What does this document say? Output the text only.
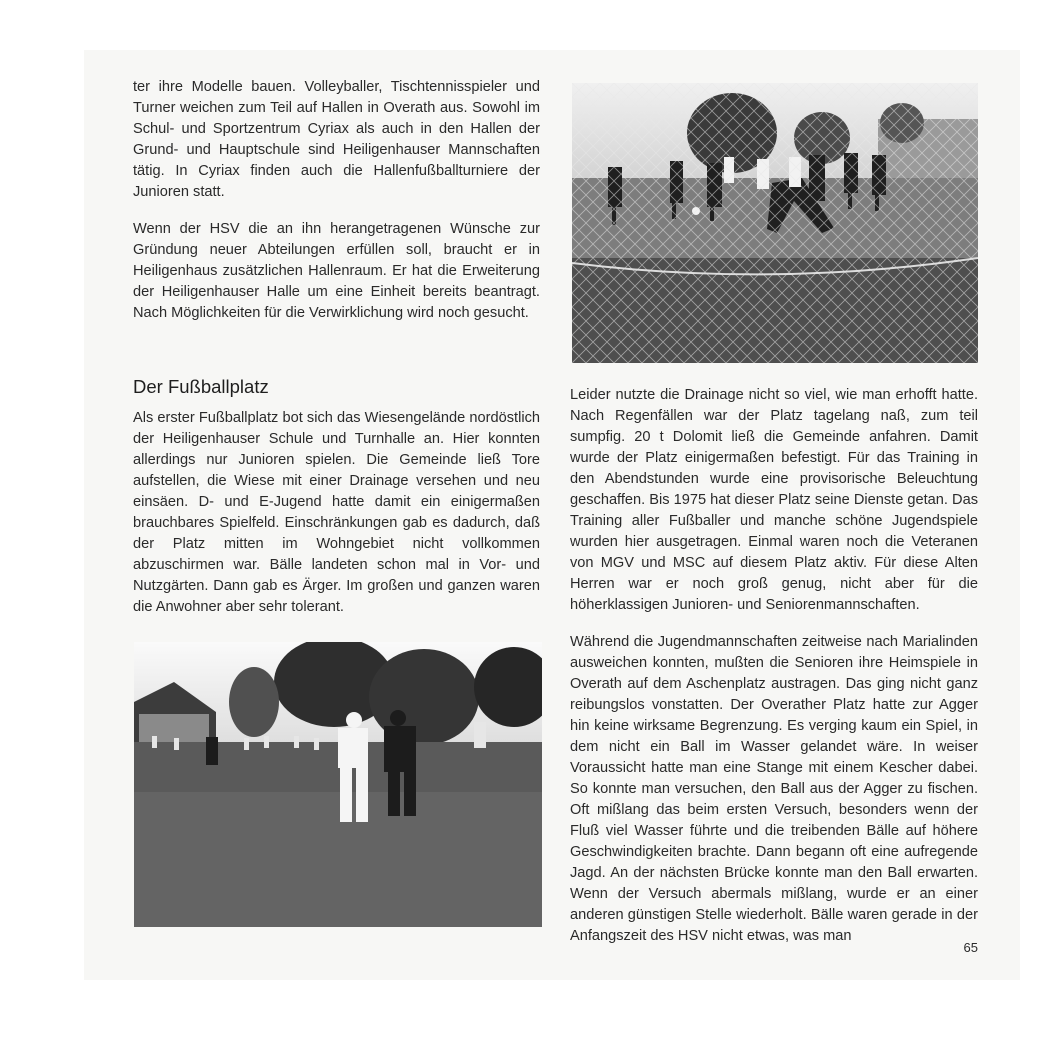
ter ihre Modelle bauen. Volleyballer, Tischtennisspieler und Turner weichen zum Teil auf Hallen in Overath aus. Sowohl im Schul- und Sportzentrum Cyriax als auch in den Hallen der Grund- und Hauptschule sind Heiligenhauser Mannschaften tätig. In Cyriax finden auch die Hallenfußballturniere der Junioren statt.

Wenn der HSV die an ihn herangetragenen Wünsche zur Gründung neuer Abteilungen erfüllen soll, braucht er in Heiligenhaus zusätzlichen Hallenraum. Er hat die Erweiterung der Heiligenhauser Halle um eine Einheit bereits beantragt. Nach Möglichkeiten für die Verwirklichung wird noch gesucht.

Der Fußballplatz

Als erster Fußballplatz bot sich das Wiesengelände nordöstlich der Heiligenhauser Schule und Turnhalle an. Hier konnten allerdings nur Junioren spielen. Die Gemeinde ließ Tore aufstellen, die Wiese mit einer Drainage versehen und neu einsäen. D- und E-Jugend hatte damit ein einigermaßen brauchbares Spielfeld. Einschränkungen gab es dadurch, daß der Platz mitten im Wohngebiet nicht vollkommen abzuschirmen war. Bälle landeten schon mal in Vor- und Nutzgärten. Dann gab es Ärger. Im großen und ganzen waren die Anwohner aber sehr tolerant.

Leider nutzte die Drainage nicht so viel, wie man erhofft hatte. Nach Regenfällen war der Platz tagelang naß, zum teil sumpfig. 20 t Dolomit ließ die Gemeinde anfahren. Damit wurde der Platz einigermaßen befestigt. Für das Training in den Abendstunden wurde eine provisorische Beleuchtung geschaffen. Bis 1975 hat dieser Platz seine Dienste getan. Das Training aller Fußballer und manche schöne Jugendspiele wurden hier ausgetragen. Einmal waren noch die Veteranen von MGV und MSC auf diesem Platz aktiv. Für diese Alten Herren war er noch groß genug, nicht aber für die höherklassigen Junioren- und Seniorenmannschaften.

Während die Jugendmannschaften zeitweise nach Marialinden ausweichen konnten, mußten die Senioren ihre Heimspiele in Overath auf dem Aschenplatz austragen. Das ging nicht ganz reibungslos vonstatten. Der Overather Platz hatte zur Agger hin keine wirksame Begrenzung. Es verging kaum ein Spiel, in dem nicht ein Ball im Wasser gelandet wäre. In weiser Voraussicht hatte man eine Stange mit einem Kescher dabei. So konnte man versuchen, den Ball aus der Agger zu fischen. Oft mißlang das beim ersten Versuch, besonders wenn der Fluß viel Wasser führte und die treibenden Bälle auf höhere Geschwindigkeiten brachte. Dann begann oft eine aufregende Jagd. An der nächsten Brücke konnte man den Ball erwarten. Wenn der Versuch abermals mißlang, wurde er an einer anderen günstigen Stelle wiederholt. Bälle waren gerade in der Anfangszeit des HSV nicht etwas, was man

65
